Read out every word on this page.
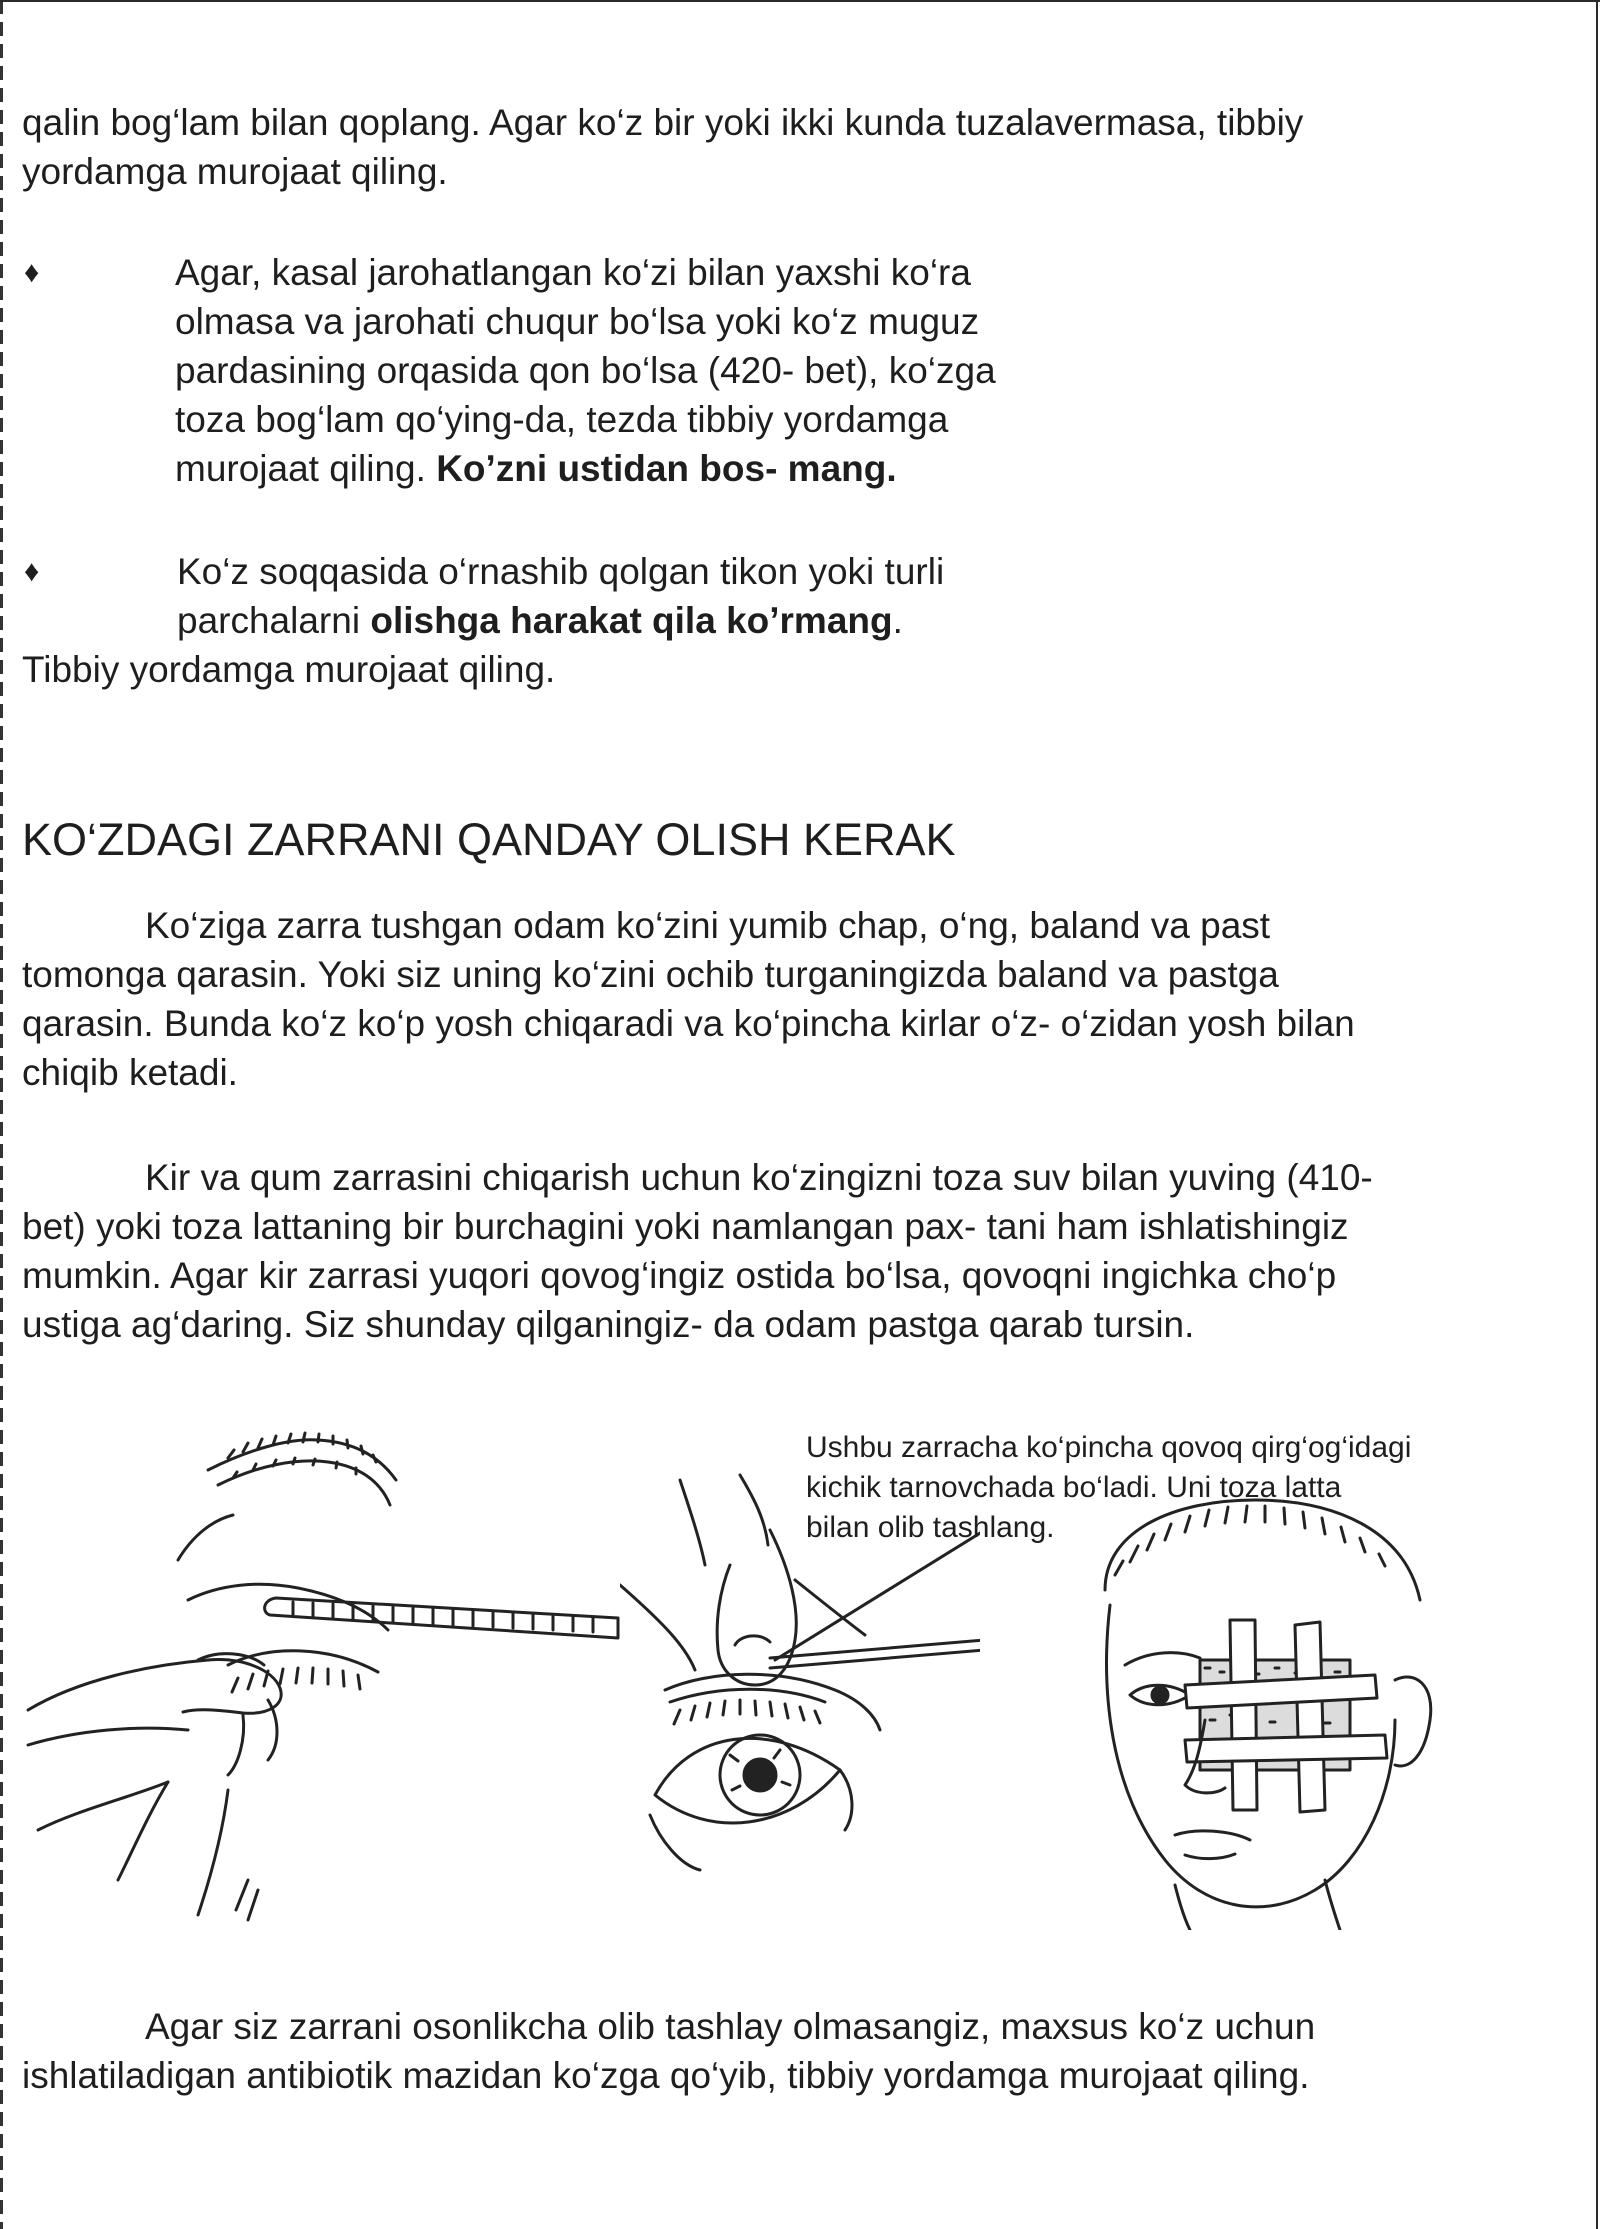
qalin bog‘lam bilan qoplang. Agar ko‘z bir yoki ikki kunda tuzalavermasa, tibbiy

yordamga murojaat qiling.

♦	Agar, kasal jarohatlangan ko‘zi bilan yaxshi ko‘ra

olmasa va jarohati chuqur bo‘lsa yoki ko‘z muguz

pardasining orqasida qon bo‘lsa (420- bet), ko‘zga

toza bog‘lam qo‘ying-da, tezda tibbiy yordamga

murojaat qiling. Ko’zni ustidan bos- mang.

♦	Ko‘z soqqasida o‘rnashib qolgan tikon yoki turli

parchalarni olishga harakat qila ko’rmang.

Tibbiy yordamga murojaat qiling.

KO‘ZDAGI ZARRANI QANDAY OLISH KERAK

Ko‘ziga zarra tushgan odam ko‘zini yumib chap, o‘ng, baland va past

tomonga qarasin. Yoki siz uning ko‘zini ochib turganingizda baland va pastga

qarasin. Bunda ko‘z ko‘p yosh chiqaradi va ko‘pincha kirlar o‘z- o‘zidan yosh bilan

chiqib ketadi.

Kir va qum zarrasini chiqarish uchun ko‘zingizni toza suv bilan yuving (410-

bet) yoki toza lattaning bir burchagini yoki namlangan pax- tani ham ishlatishingiz

mumkin. Agar kir zarrasi yuqori qovog‘ingiz ostida bo‘lsa, qovoqni ingichka cho‘p

ustiga ag‘daring. Siz shunday qilganingiz- da odam pastga qarab tursin.

Ushbu zarracha ko‘pincha qovoq qirg‘og‘idagi
kichik tarnovchada bo‘ladi. Uni toza latta
bilan olib tashlang.

Agar siz zarrani osonlikcha olib tashlay olmasangiz, maxsus ko‘z uchun

ishlatiladigan antibiotik mazidan ko‘zga qo‘yib, tibbiy yordamga murojaat qiling.
